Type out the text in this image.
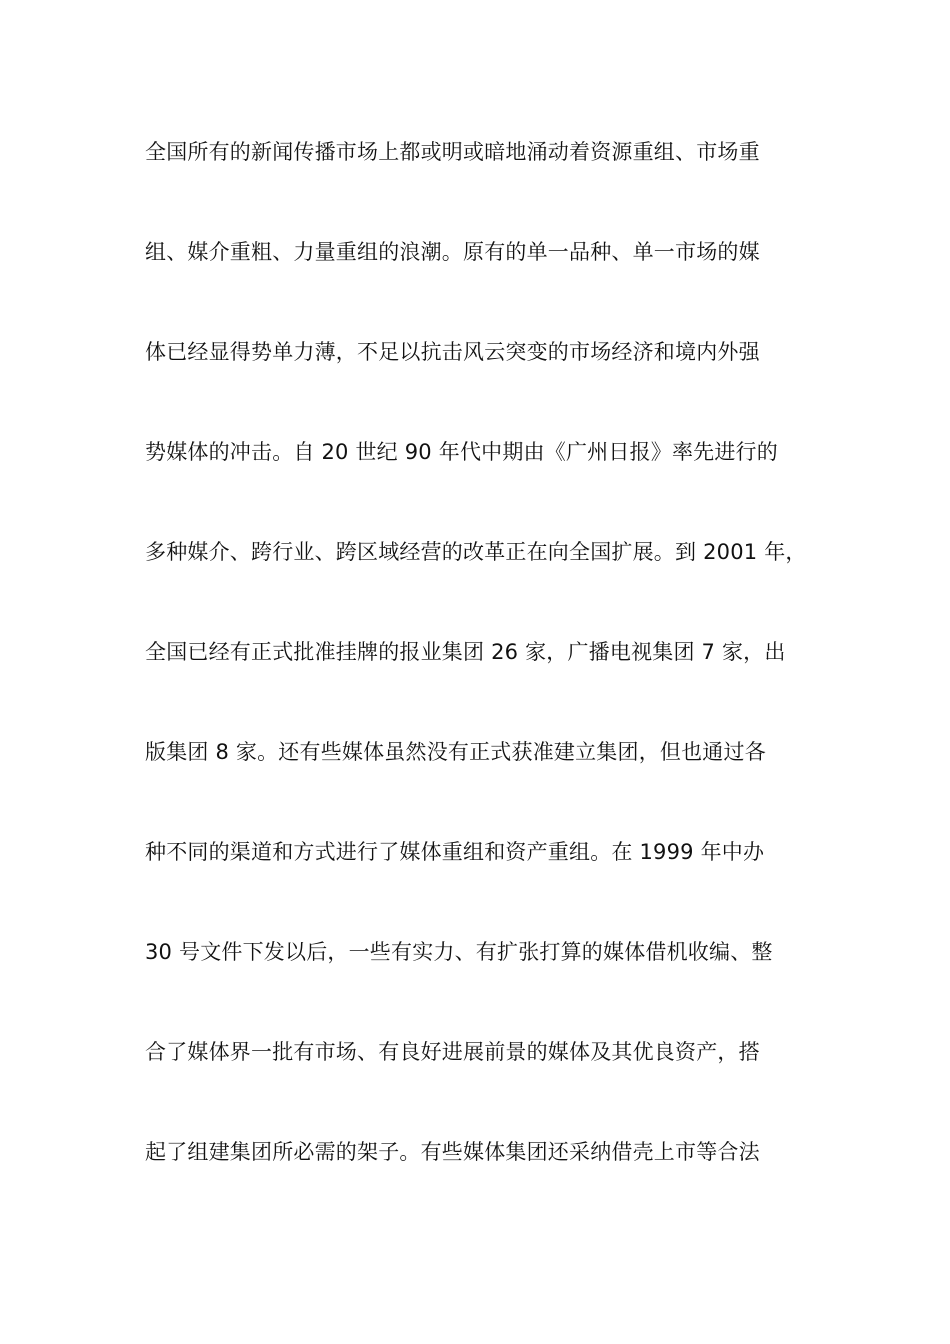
全国所有的新闻传播市场上都或明或暗地涌动着资源重组、市场重
组、媒介重粗、力量重组的浪潮。原有的单一品种、单一市场的媒
体已经显得势单力薄，不足以抗击风云突变的市场经济和境内外强
势媒体的冲击。自 20 世纪 90 年代中期由《广州日报》率先进行的
多种媒介、跨行业、跨区域经营的改革正在向全国扩展。到 2001 年，
全国已经有正式批准挂牌的报业集团 26 家，广播电视集团 7 家，出
版集团 8 家。还有些媒体虽然没有正式获准建立集团，但也通过各
种不同的渠道和方式进行了媒体重组和资产重组。在 1999 年中办
30 号文件下发以后，一些有实力、有扩张打算的媒体借机收编、整
合了媒体界一批有市场、有良好进展前景的媒体及其优良资产，搭
起了组建集团所必需的架子。有些媒体集团还采纳借壳上市等合法
